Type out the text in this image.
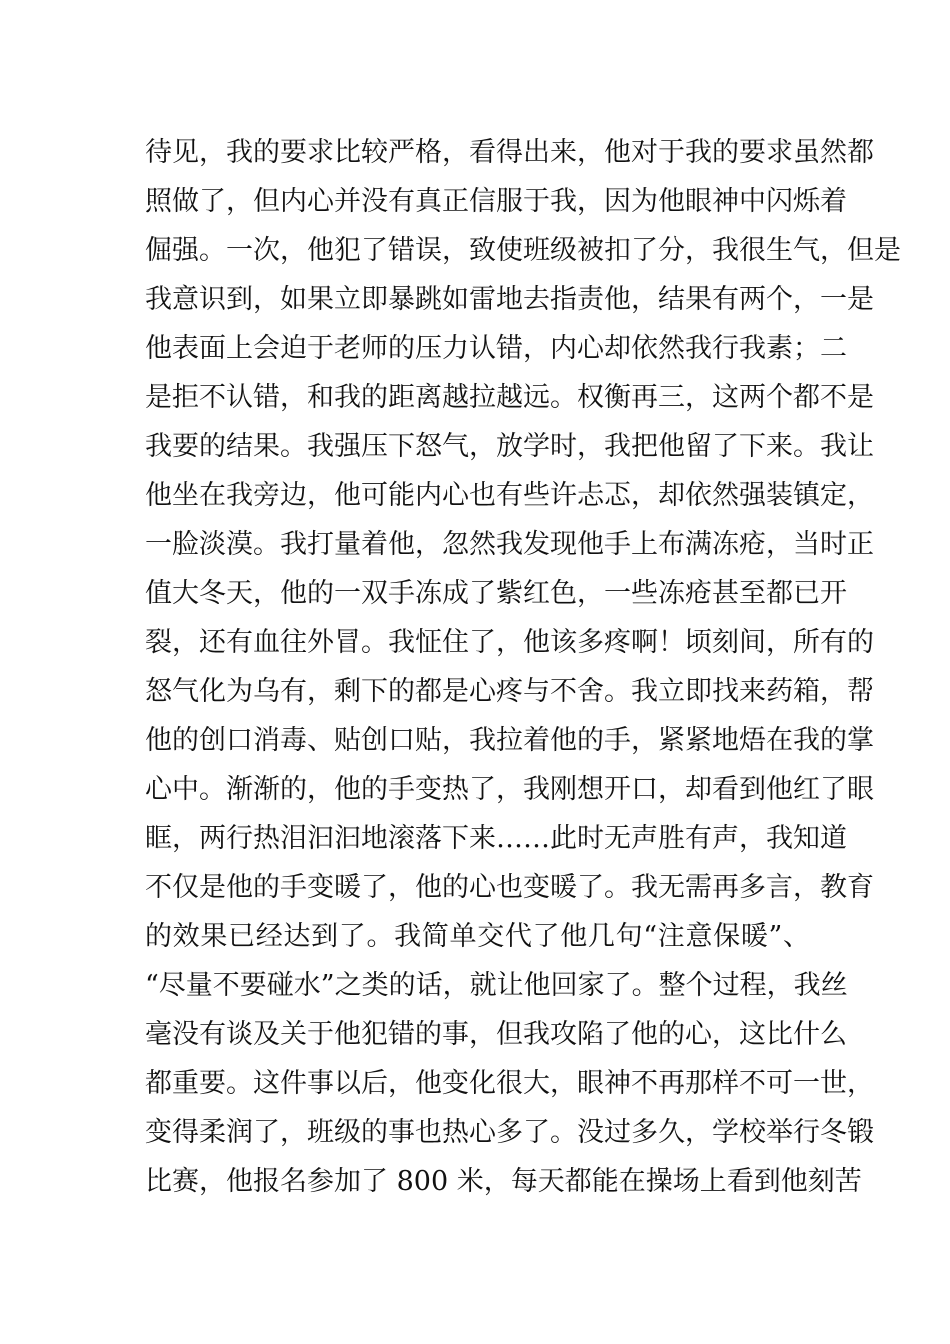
待见，我的要求比较严格，看得出来，他对于我的要求虽然都
照做了，但内心并没有真正信服于我，因为他眼神中闪烁着
倔强。一次，他犯了错误，致使班级被扣了分，我很生气，但是
我意识到，如果立即暴跳如雷地去指责他，结果有两个，一是
他表面上会迫于老师的压力认错，内心却依然我行我素；二
是拒不认错，和我的距离越拉越远。权衡再三，这两个都不是
我要的结果。我强压下怒气，放学时，我把他留了下来。我让
他坐在我旁边，他可能内心也有些许忐忑，却依然强装镇定，
一脸淡漠。我打量着他，忽然我发现他手上布满冻疮，当时正
值大冬天，他的一双手冻成了紫红色，一些冻疮甚至都已开
裂，还有血往外冒。我怔住了，他该多疼啊！顷刻间，所有的
怒气化为乌有，剩下的都是心疼与不舍。我立即找来药箱，帮
他的创口消毒、贴创口贴，我拉着他的手，紧紧地焐在我的掌
心中。渐渐的，他的手变热了，我刚想开口，却看到他红了眼
眶，两行热泪汩汩地滚落下来……此时无声胜有声，我知道
不仅是他的手变暖了，他的心也变暖了。我无需再多言，教育
的效果已经达到了。我简单交代了他几句“注意保暖”、
“尽量不要碰水”之类的话，就让他回家了。整个过程，我丝
毫没有谈及关于他犯错的事，但我攻陷了他的心，这比什么
都重要。这件事以后，他变化很大，眼神不再那样不可一世，
变得柔润了，班级的事也热心多了。没过多久，学校举行冬锻
比赛，他报名参加了 800 米，每天都能在操场上看到他刻苦
